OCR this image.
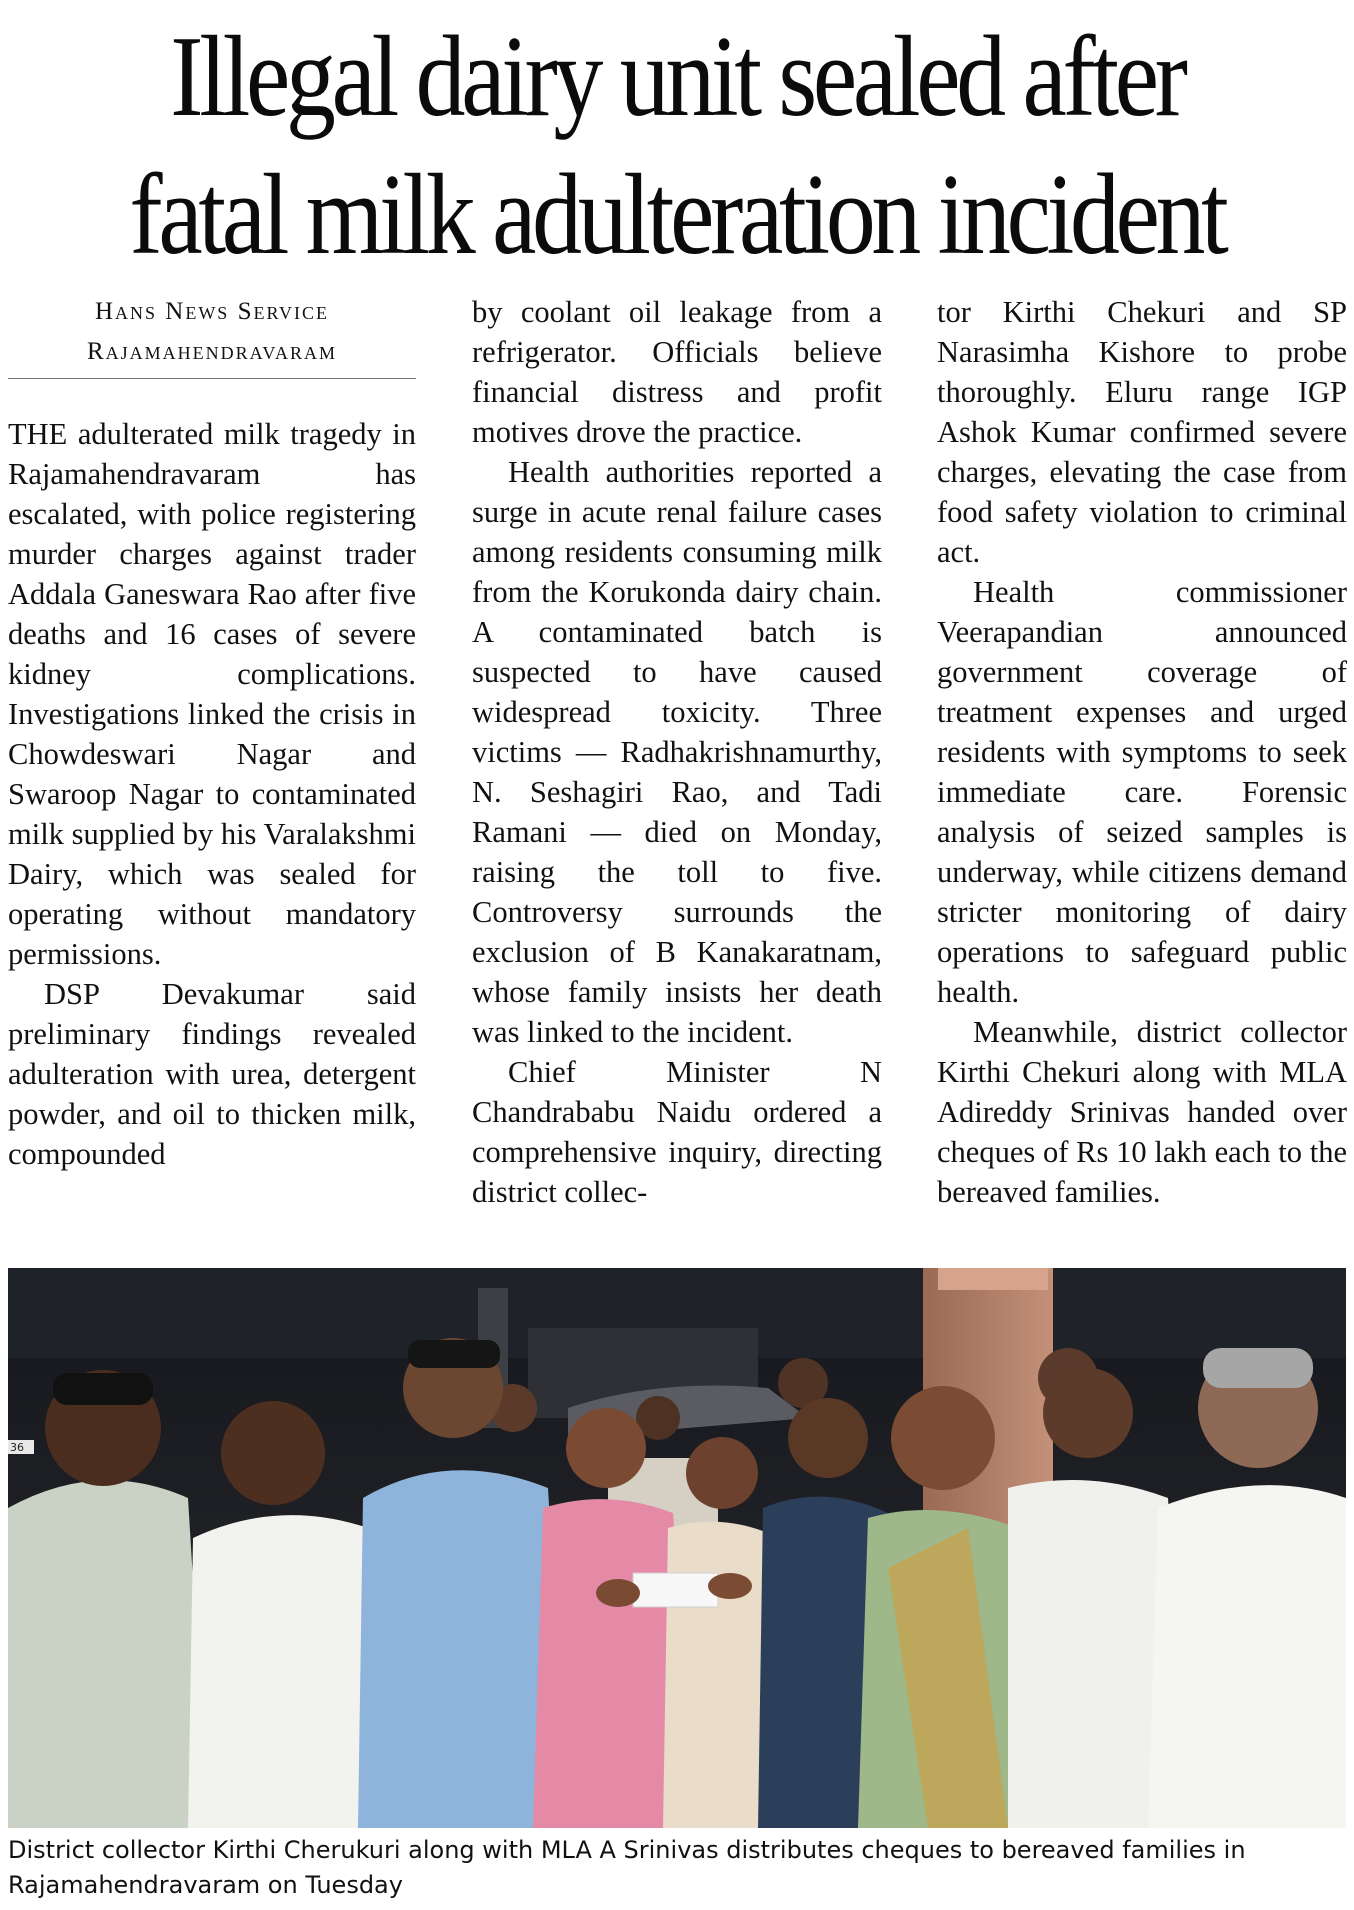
Illegal dairy unit sealed after
fatal milk adulteration incident
Hans News Service
Rajamahendravaram

THE adulterated milk tragedy in Rajamahendravaram has escalated, with police registering murder charges against trader Addala Ganeswara Rao after five deaths and 16 cases of severe kidney complications. Investigations linked the crisis in Chowdeswari Nagar and Swaroop Nagar to contaminated milk supplied by his Varalakshmi Dairy, which was sealed for operating without mandatory permissions.

DSP Devakumar said preliminary findings revealed adulteration with urea, detergent powder, and oil to thicken milk, compounded

by coolant oil leakage from a refrigerator. Officials believe financial distress and profit motives drove the practice.

Health authorities reported a surge in acute renal failure cases among residents consuming milk from the Korukonda dairy chain. A contaminated batch is suspected to have caused widespread toxicity. Three victims — Radhakrishnamurthy, N. Seshagiri Rao, and Tadi Ramani — died on Monday, raising the toll to five. Controversy surrounds the exclusion of B Kanakaratnam, whose family insists her death was linked to the incident.

Chief Minister N Chandrababu Naidu ordered a comprehensive inquiry, directing district collec-

tor Kirthi Chekuri and SP Narasimha Kishore to probe thoroughly. Eluru range IGP Ashok Kumar confirmed severe charges, elevating the case from food safety violation to criminal act.

Health commissioner Veerapandian announced government coverage of treatment expenses and urged residents with symptoms to seek immediate care. Forensic analysis of seized samples is underway, while citizens demand stricter monitoring of dairy operations to safeguard public health.

Meanwhile, district collector Kirthi Chekuri along with MLA Adireddy Srinivas handed over cheques of Rs 10 lakh each to the bereaved families.

36
District collector Kirthi Cherukuri along with MLA A Srinivas distributes cheques to bereaved families in Rajamahendravaram on Tuesday
